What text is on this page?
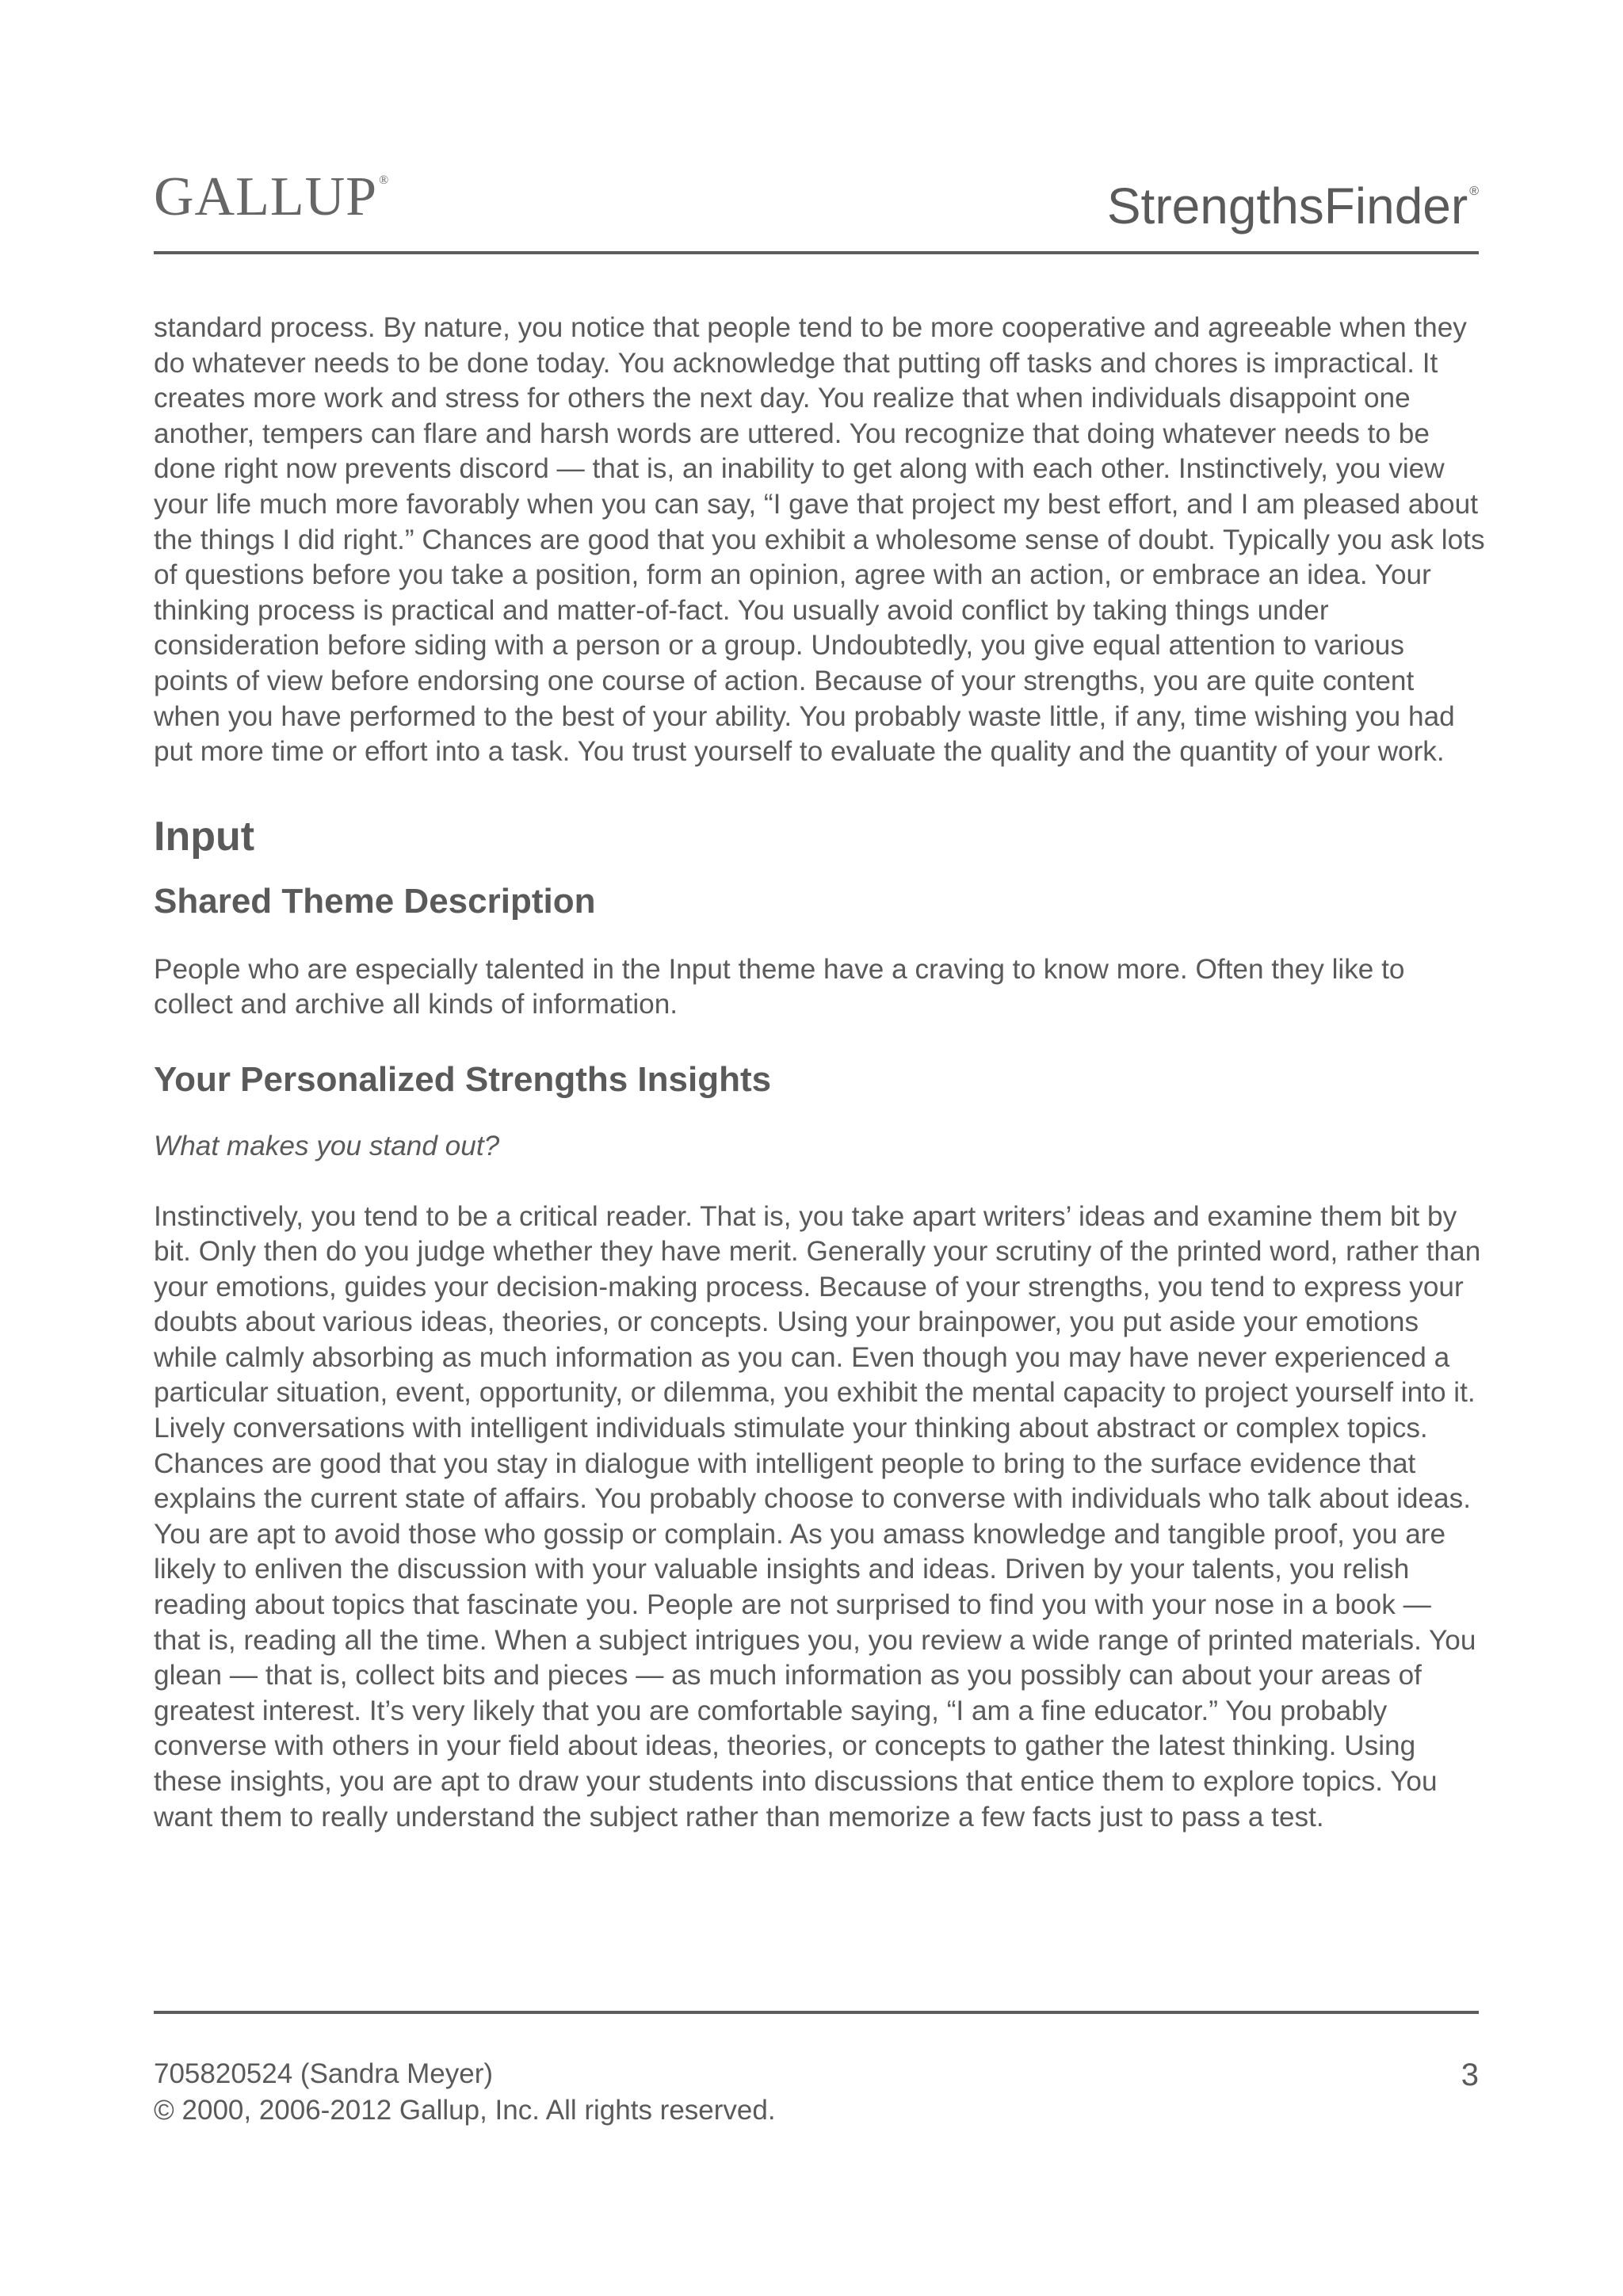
GALLUP ®	StrengthsFinder ®

standard process. By nature, you notice that people tend to be more cooperative and agreeable when they do whatever needs to be done today. You acknowledge that putting off tasks and chores is impractical. It creates more work and stress for others the next day. You realize that when individuals disappoint one another, tempers can flare and harsh words are uttered. You recognize that doing whatever needs to be done right now prevents discord — that is, an inability to get along with each other. Instinctively, you view your life much more favorably when you can say, “I gave that project my best effort, and I am pleased about the things I did right.” Chances are good that you exhibit a wholesome sense of doubt. Typically you ask lots of questions before you take a position, form an opinion, agree with an action, or embrace an idea. Your thinking process is practical and matter-of-fact. You usually avoid conflict by taking things under consideration before siding with a person or a group. Undoubtedly, you give equal attention to various points of view before endorsing one course of action. Because of your strengths, you are quite content when you have performed to the best of your ability. You probably waste little, if any, time wishing you had put more time or effort into a task. You trust yourself to evaluate the quality and the quantity of your work.

Input
Shared Theme Description

People who are especially talented in the Input theme have a craving to know more. Often they like to collect and archive all kinds of information.

Your Personalized Strengths Insights

What makes you stand out?

Instinctively, you tend to be a critical reader. That is, you take apart writers’ ideas and examine them bit by bit. Only then do you judge whether they have merit. Generally your scrutiny of the printed word, rather than your emotions, guides your decision-making process. Because of your strengths, you tend to express your doubts about various ideas, theories, or concepts. Using your brainpower, you put aside your emotions while calmly absorbing as much information as you can. Even though you may have never experienced a particular situation, event, opportunity, or dilemma, you exhibit the mental capacity to project yourself into it. Lively conversations with intelligent individuals stimulate your thinking about abstract or complex topics. Chances are good that you stay in dialogue with intelligent people to bring to the surface evidence that explains the current state of affairs. You probably choose to converse with individuals who talk about ideas. You are apt to avoid those who gossip or complain. As you amass knowledge and tangible proof, you are likely to enliven the discussion with your valuable insights and ideas. Driven by your talents, you relish reading about topics that fascinate you. People are not surprised to find you with your nose in a book — that is, reading all the time. When a subject intrigues you, you review a wide range of printed materials. You glean — that is, collect bits and pieces — as much information as you possibly can about your areas of greatest interest. It’s very likely that you are comfortable saying, “I am a fine educator.” You probably converse with others in your field about ideas, theories, or concepts to gather the latest thinking. Using these insights, you are apt to draw your students into discussions that entice them to explore topics. You want them to really understand the subject rather than memorize a few facts just to pass a test.

705820524 (Sandra Meyer)
© 2000, 2006-2012 Gallup, Inc. All rights reserved.
3
